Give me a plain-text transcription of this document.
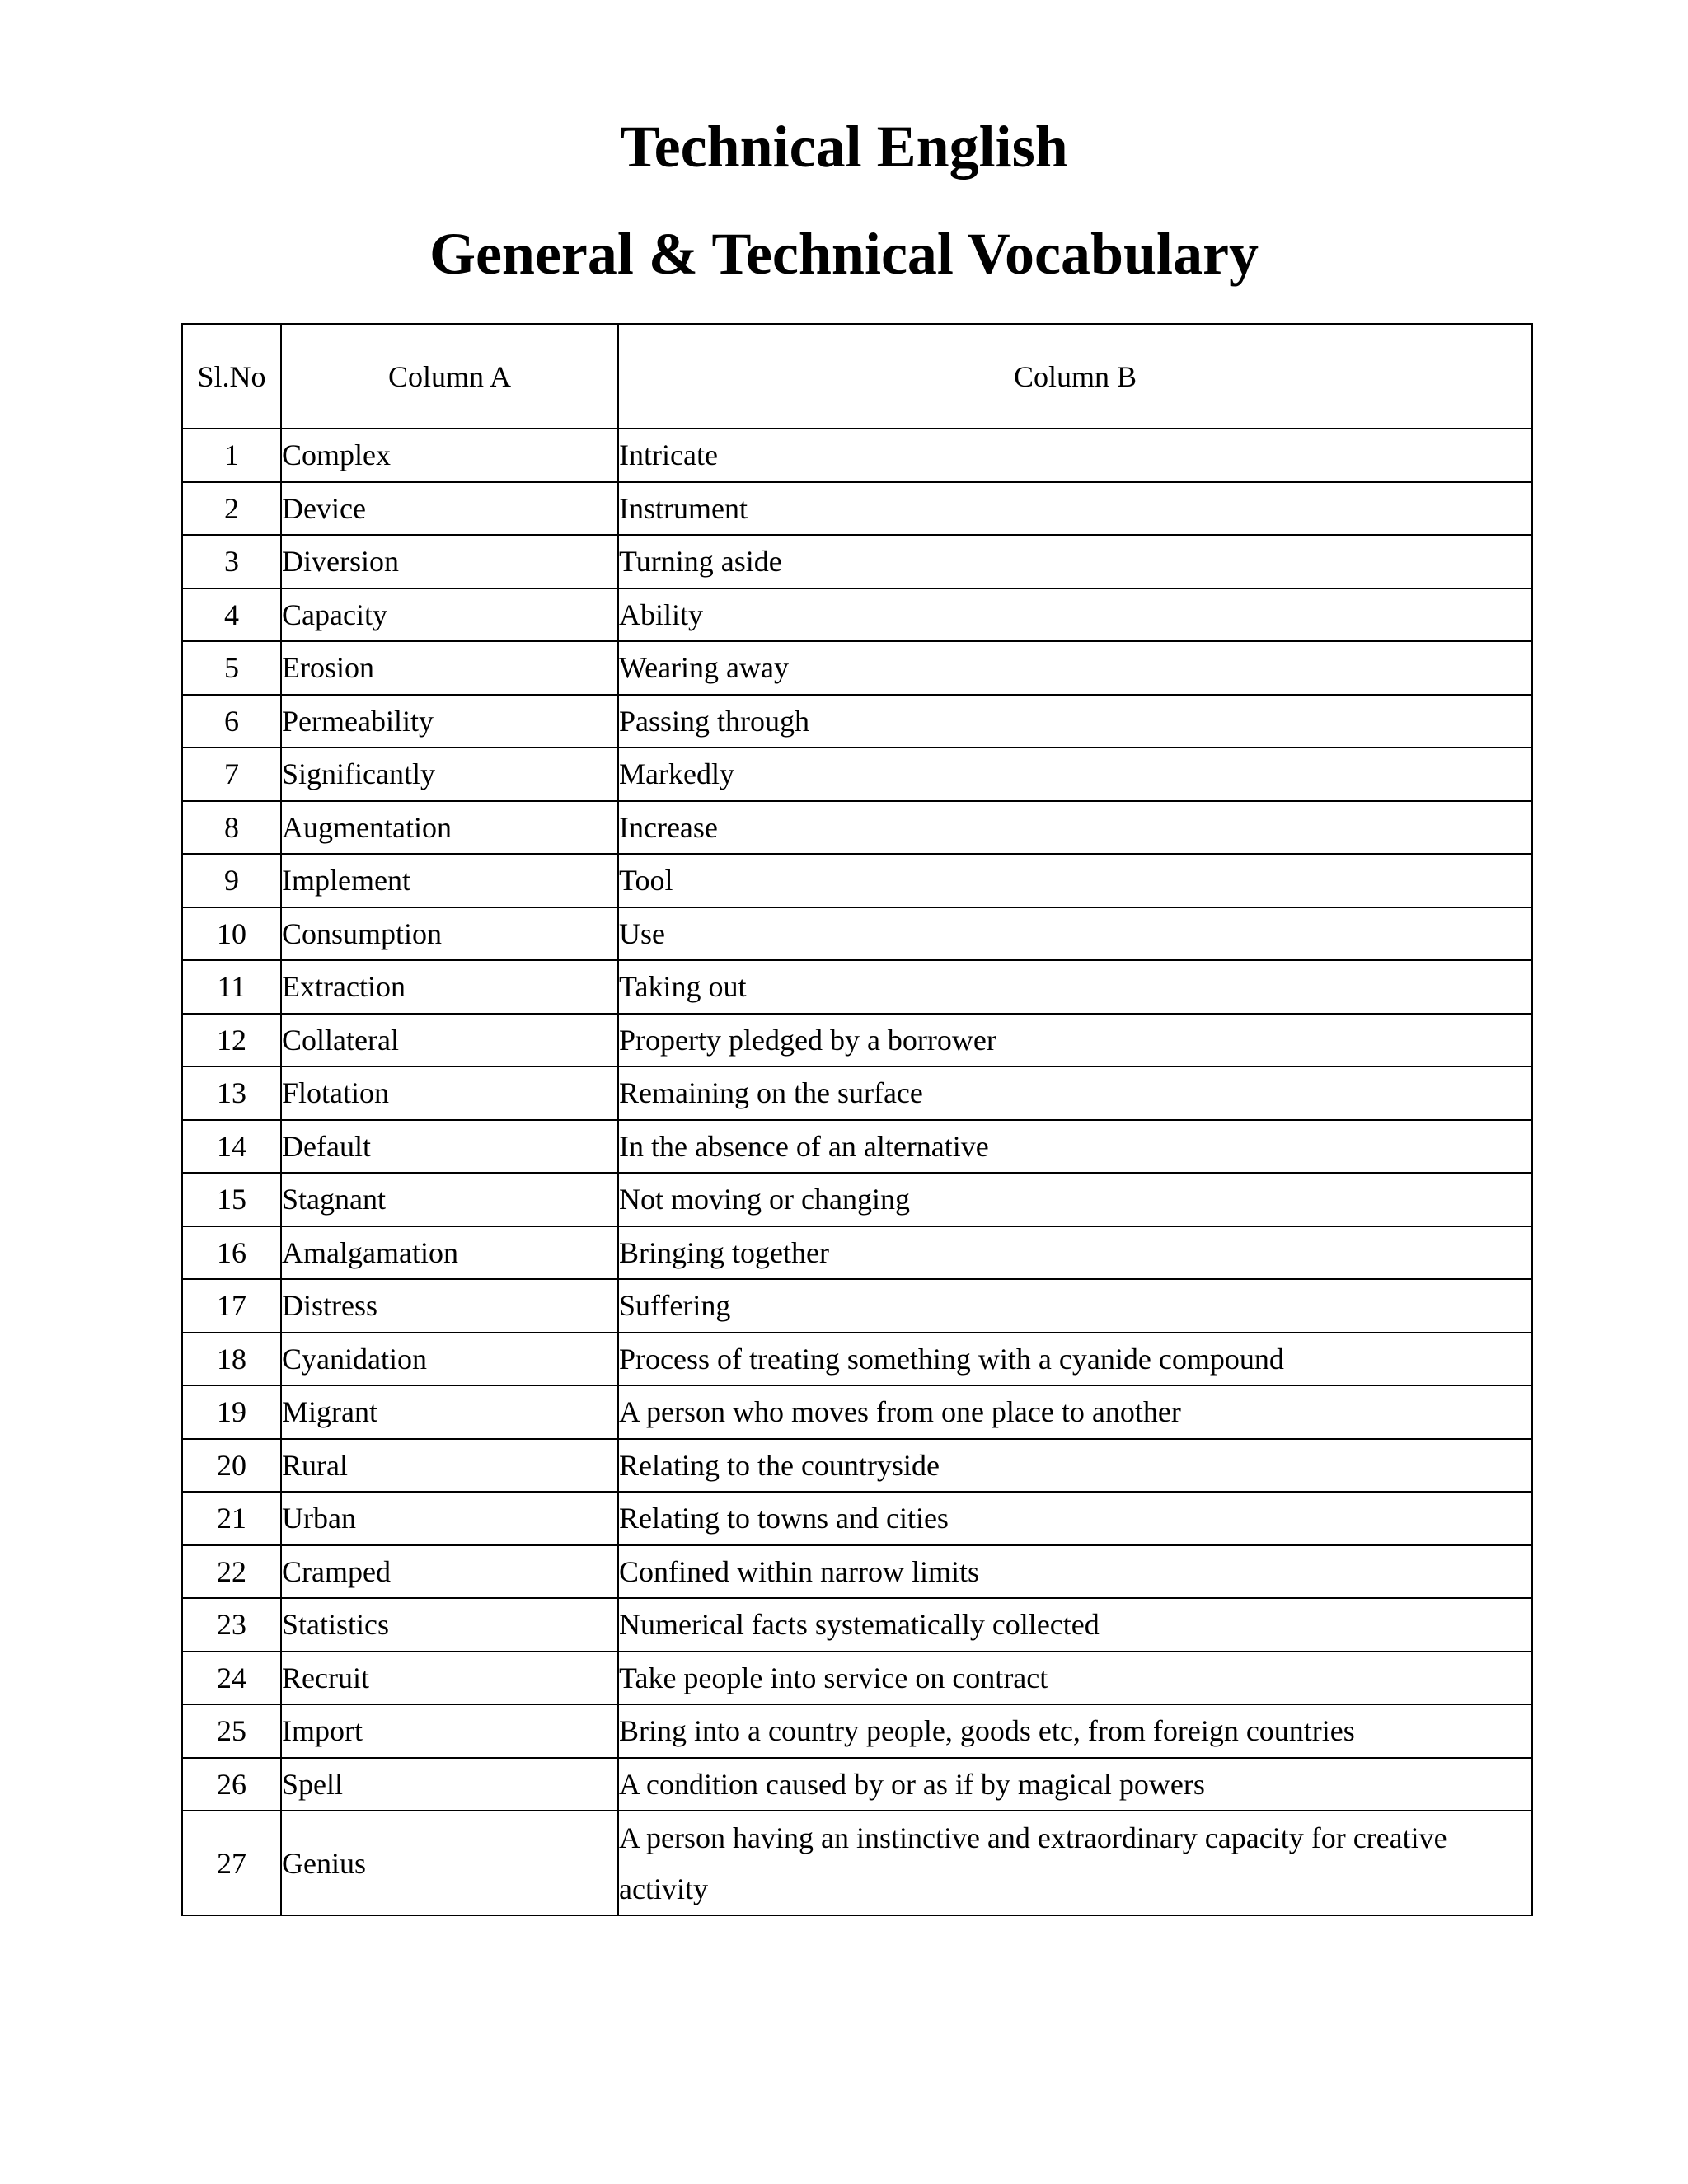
Technical English
General & Technical Vocabulary
Sl.No	Column A	Column B
1	Complex	Intricate
2	Device	Instrument
3	Diversion	Turning aside
4	Capacity	Ability
5	Erosion	Wearing away
6	Permeability	Passing through
7	Significantly	Markedly
8	Augmentation	Increase
9	Implement	Tool
10	Consumption	Use
11	Extraction	Taking out
12	Collateral	Property pledged by a borrower
13	Flotation	Remaining on the surface
14	Default	In the absence of an alternative
15	Stagnant	Not moving or changing
16	Amalgamation	Bringing together
17	Distress	Suffering
18	Cyanidation	Process of treating something with a cyanide compound
19	Migrant	A person who moves from one place to another
20	Rural	Relating to the countryside
21	Urban	Relating to towns and cities
22	Cramped	Confined within narrow limits
23	Statistics	Numerical facts systematically collected
24	Recruit	Take people into service on contract
25	Import	Bring into a country people, goods etc, from foreign countries
26	Spell	A condition caused by or as if by magical powers
27	Genius	A person having an instinctive and extraordinary capacity for creative activity
